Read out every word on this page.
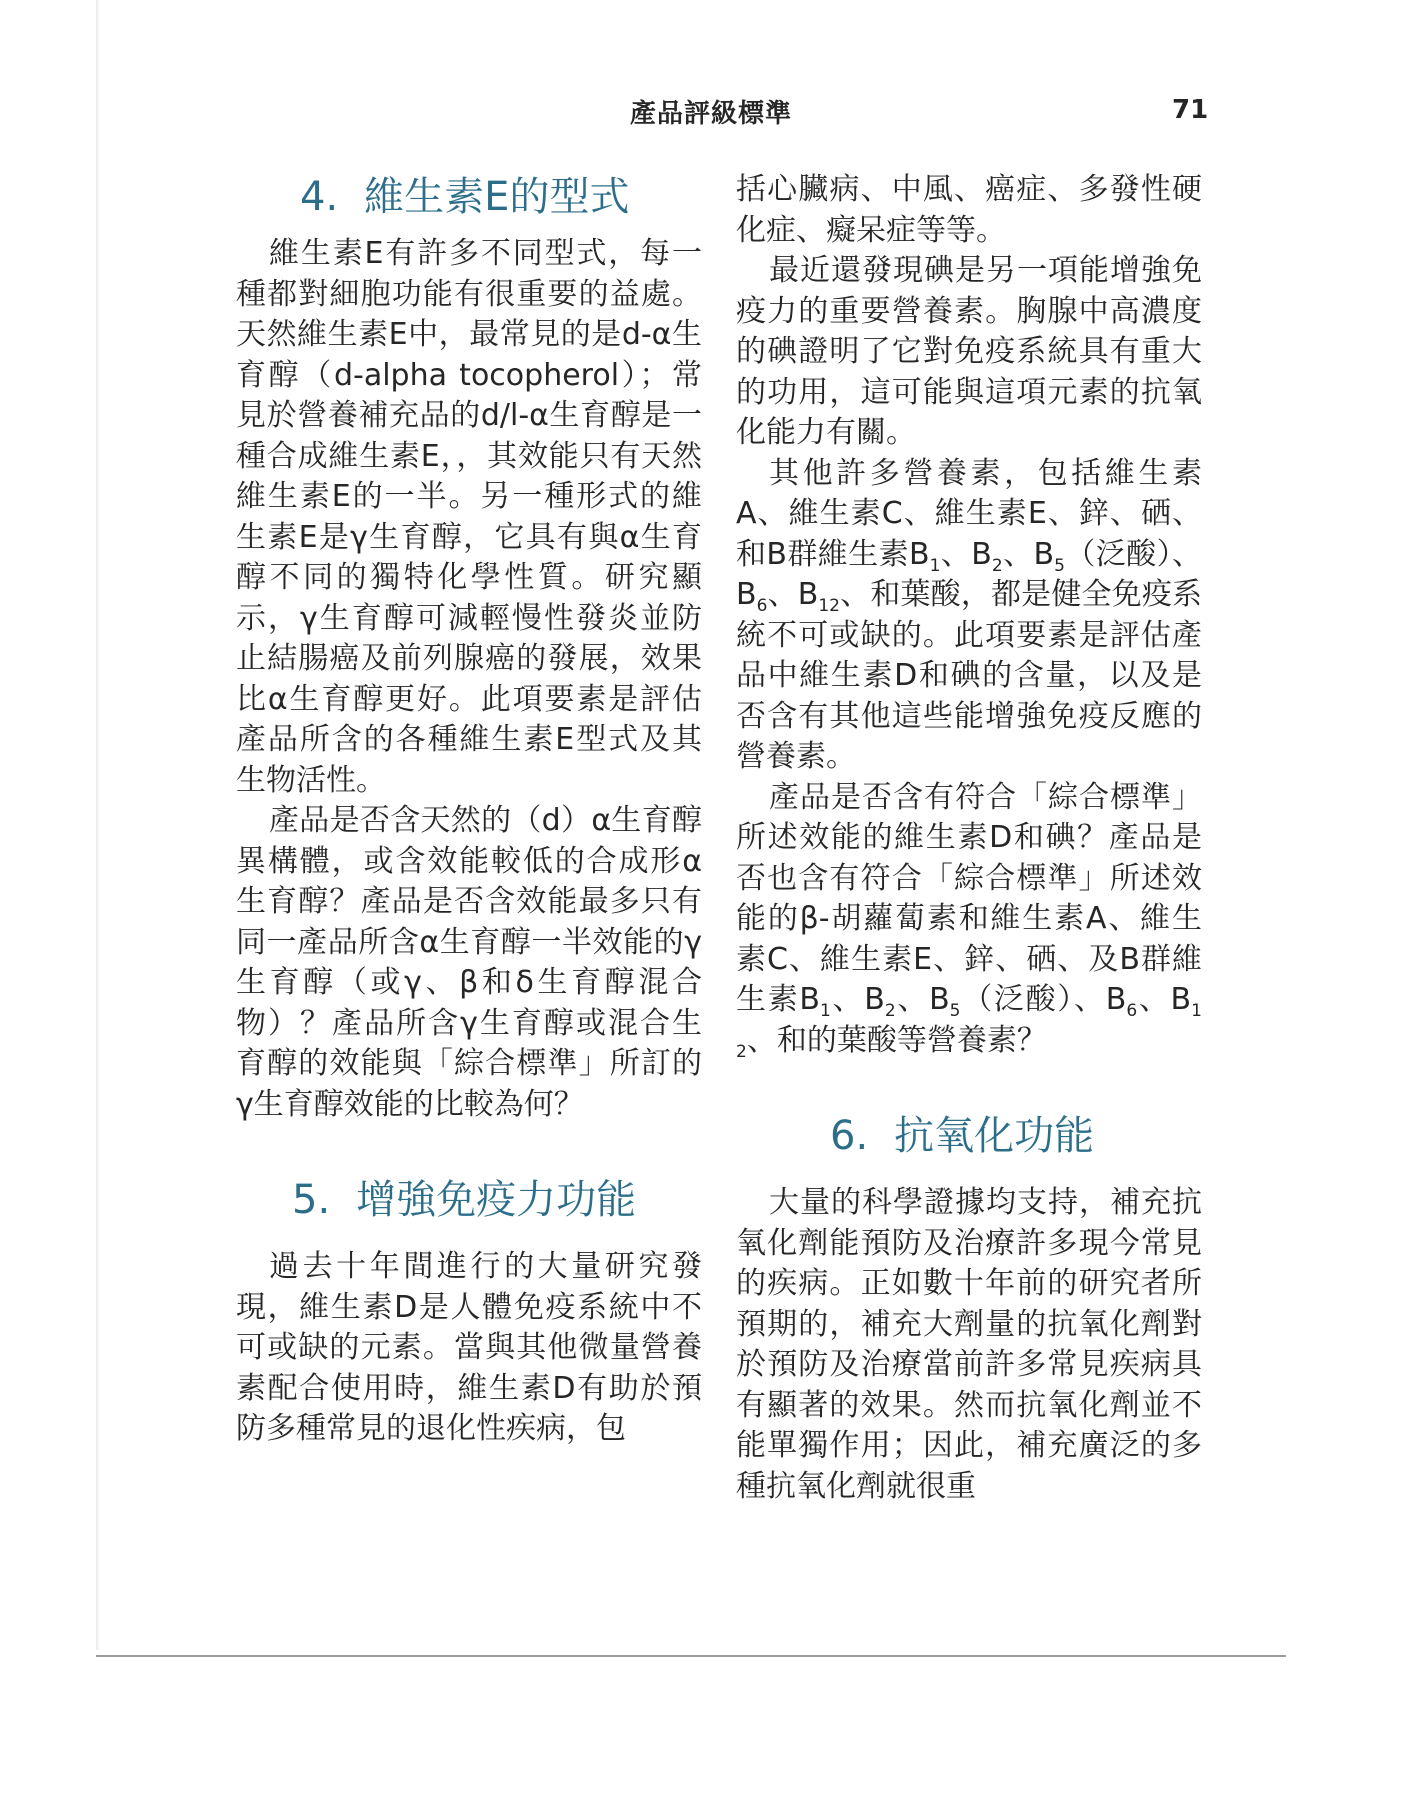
產品評級標準	71
4. 維生素E的型式

維生素E有許多不同型式，每一種都對細胞功能有很重要的益處。天然維生素E中，最常見的是d-α生育醇（d-alpha tocopherol）；常見於營養補充品的d/l-α生育醇是一種合成維生素E，，其效能只有天然維生素E的一半。另一種形式的維生素E是γ生育醇，它具有與α生育醇不同的獨特化學性質。研究顯示，γ生育醇可減輕慢性發炎並防止結腸癌及前列腺癌的發展，效果比α生育醇更好。此項要素是評估產品所含的各種維生素E型式及其生物活性。

產品是否含天然的（d）α生育醇異構體，或含效能較低的合成形α生育醇？產品是否含效能最多只有同一產品所含α生育醇一半效能的γ生育醇（或γ、β和δ生育醇混合物）？產品所含γ生育醇或混合生育醇的效能與「綜合標準」所訂的γ生育醇效能的比較為何？

5. 增強免疫力功能

過去十年間進行的大量研究發現，維生素D是人體免疫系統中不可或缺的元素。當與其他微量營養素配合使用時，維生素D有助於預防多種常見的退化性疾病，包

括心臟病、中風、癌症、多發性硬化症、癡呆症等等。

最近還發現碘是另一項能增強免疫力的重要營養素。胸腺中高濃度的碘證明了它對免疫系統具有重大的功用，這可能與這項元素的抗氧化能力有關。

其他許多營養素，包括維生素A、維生素C、維生素E、鋅、硒、和B群維生素$B_1$、$B_2$、$B_5$（泛酸）、$B_6$、$B_{12}$、和葉酸，都是健全免疫系統不可或缺的。此項要素是評估產品中維生素D和碘的含量，以及是否含有其他這些能增強免疫反應的營養素。

產品是否含有符合「綜合標準」所述效能的維生素D和碘？產品是否也含有符合「綜合標準」所述效能的β-胡蘿蔔素和維生素A、維生素C、維生素E、鋅、硒、及B群維生素$B_1$、$B_2$、$B_5$（泛酸）、$B_6$、$B_{12}$、和的葉酸等營養素？

6. 抗氧化功能

大量的科學證據均支持，補充抗氧化劑能預防及治療許多現今常見的疾病。正如數十年前的研究者所預期的，補充大劑量的抗氧化劑對於預防及治療當前許多常見疾病具有顯著的效果。然而抗氧化劑並不能單獨作用；因此，補充廣泛的多種抗氧化劑就很重
